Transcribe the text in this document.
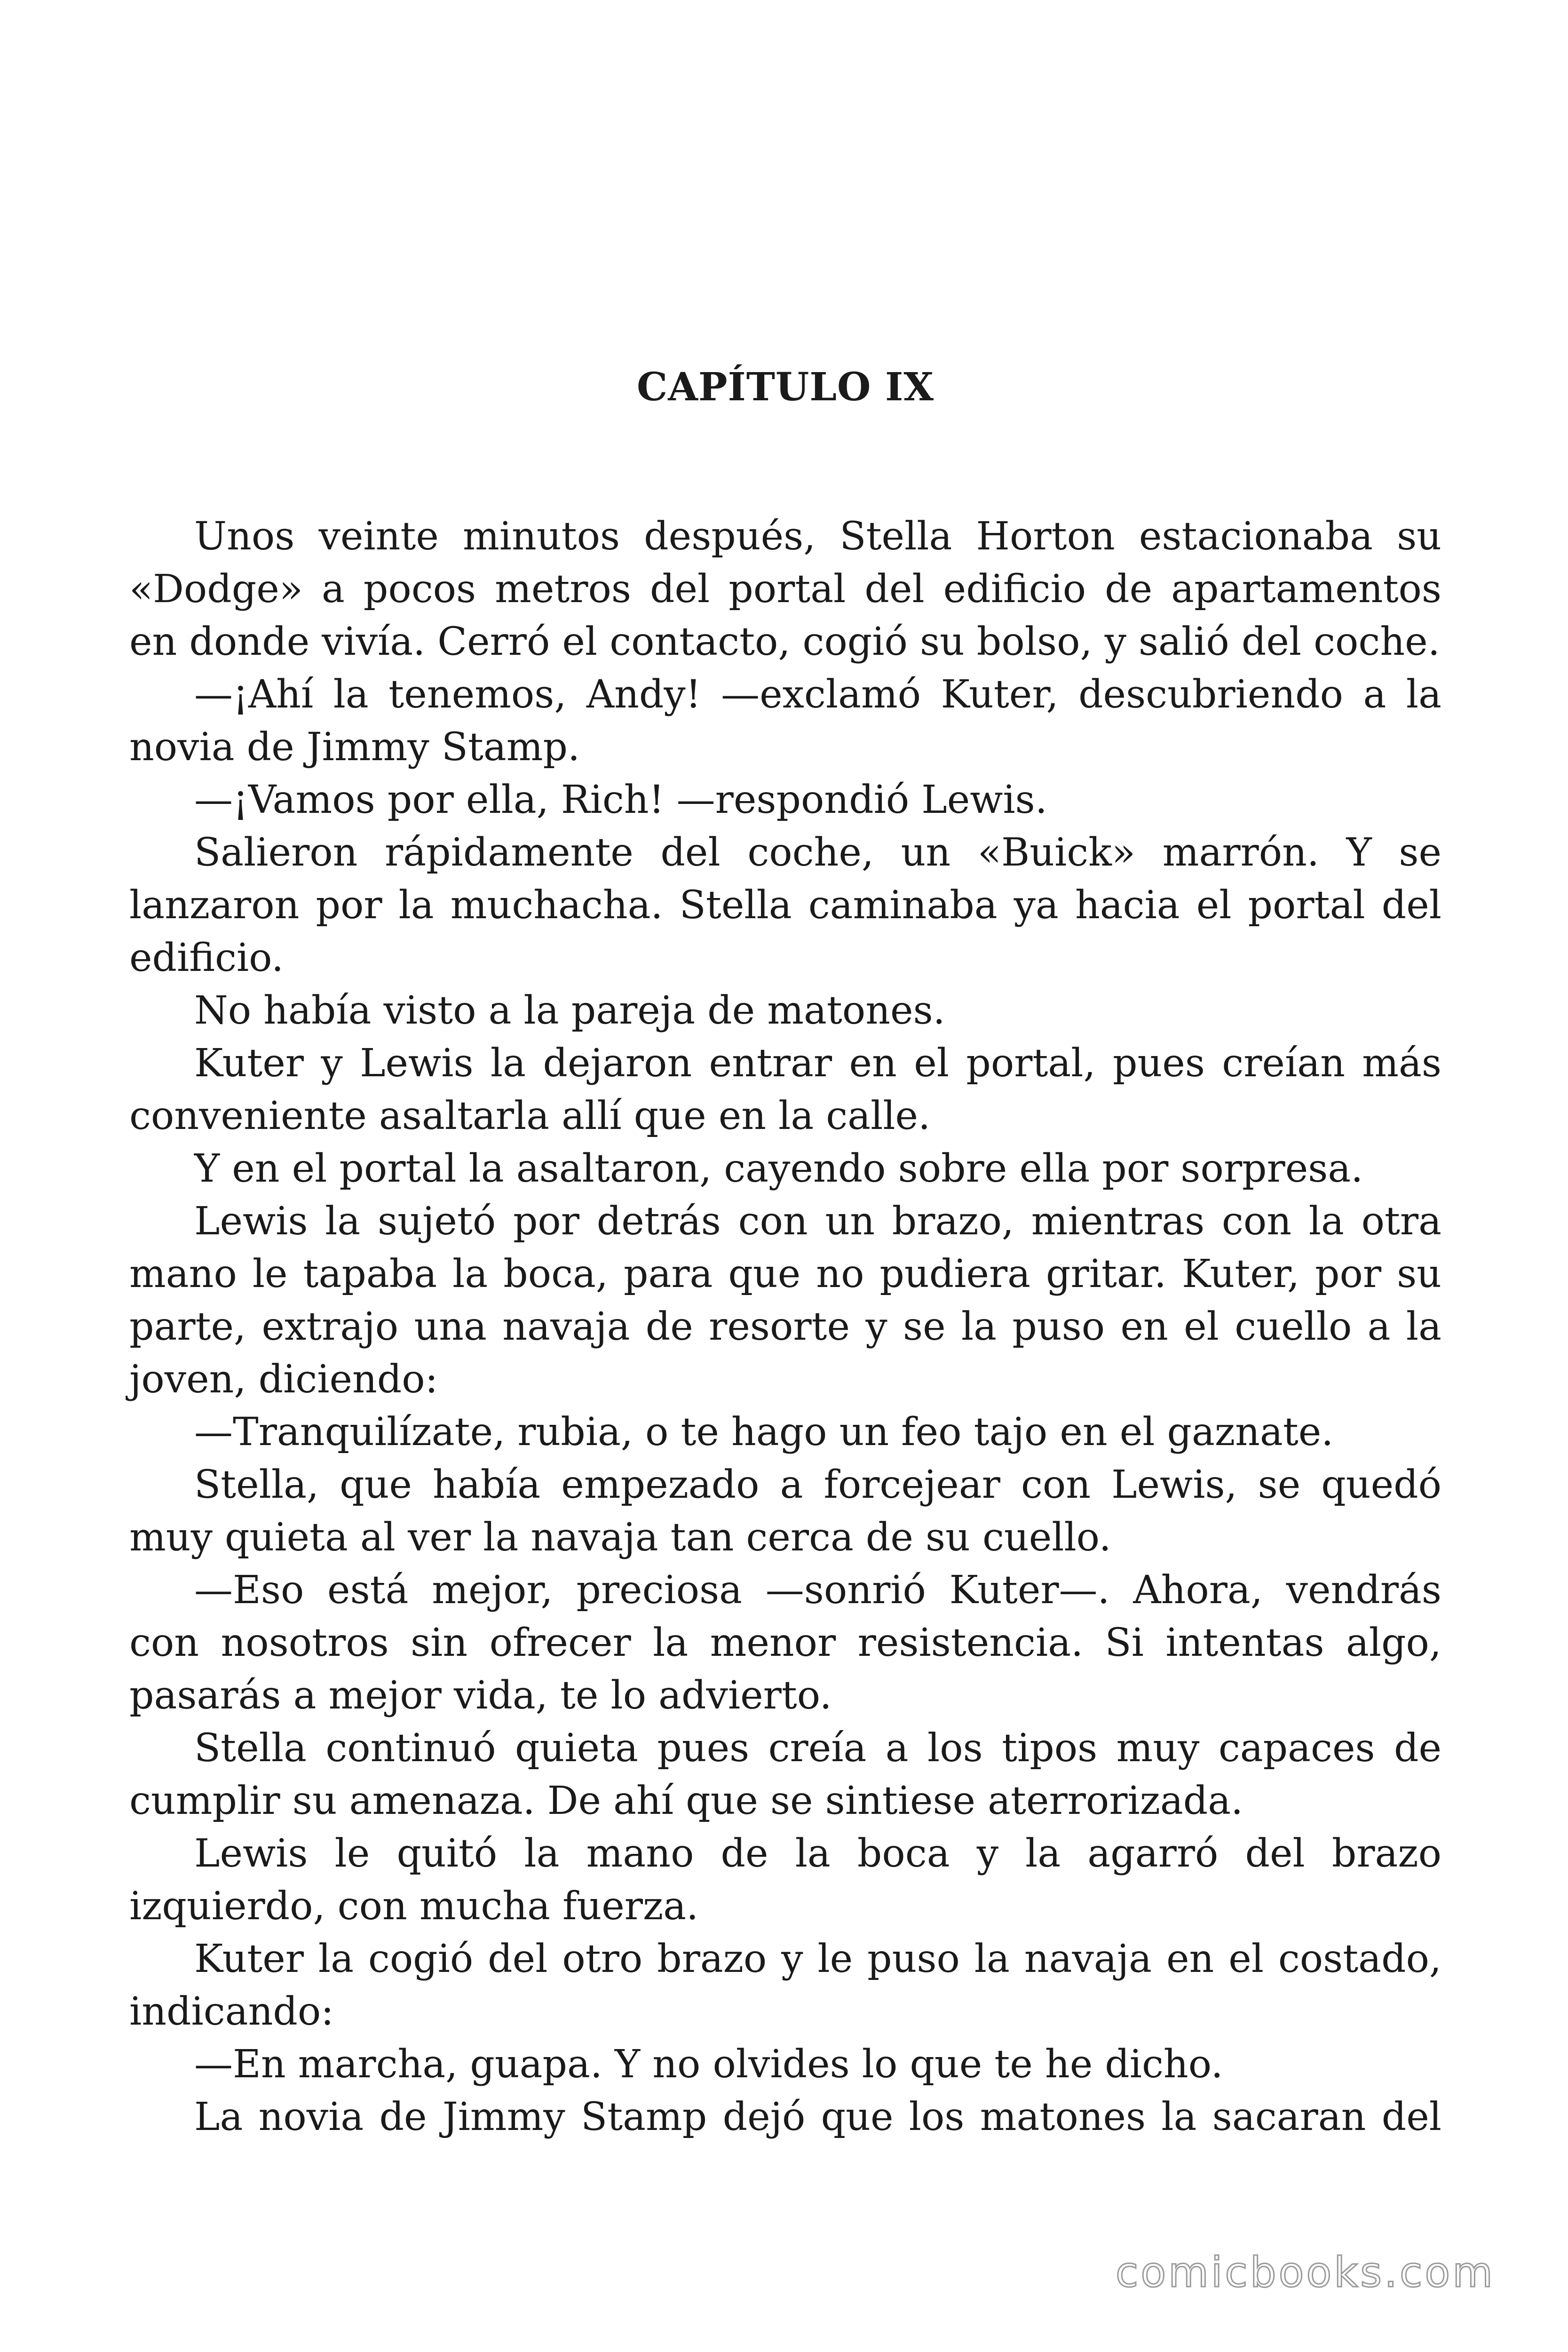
CAPÍTULO IX

Unos veinte minutos después, Stella Horton estacionaba su «Dodge» a pocos metros del portal del edificio de apartamentos en donde vivía. Cerró el contacto, cogió su bolso, y salió del coche.

—¡Ahí la tenemos, Andy! —exclamó Kuter, descubriendo a la novia de Jimmy Stamp.

—¡Vamos por ella, Rich! —respondió Lewis.

Salieron rápidamente del coche, un «Buick» marrón. Y se lanzaron por la muchacha. Stella caminaba ya hacia el portal del edificio.

No había visto a la pareja de matones.

Kuter y Lewis la dejaron entrar en el portal, pues creían más conveniente asaltarla allí que en la calle.

Y en el portal la asaltaron, cayendo sobre ella por sorpresa.

Lewis la sujetó por detrás con un brazo, mientras con la otra mano le tapaba la boca, para que no pudiera gritar. Kuter, por su parte, extrajo una navaja de resorte y se la puso en el cuello a la joven, diciendo:

—Tranquilízate, rubia, o te hago un feo tajo en el gaznate.

Stella, que había empezado a forcejear con Lewis, se quedó muy quieta al ver la navaja tan cerca de su cuello.

—Eso está mejor, preciosa —sonrió Kuter—. Ahora, vendrás con nosotros sin ofrecer la menor resistencia. Si intentas algo, pasarás a mejor vida, te lo advierto.

Stella continuó quieta pues creía a los tipos muy capaces de cumplir su amenaza. De ahí que se sintiese aterrorizada.

Lewis le quitó la mano de la boca y la agarró del brazo izquierdo, con mucha fuerza.

Kuter la cogió del otro brazo y le puso la navaja en el costado, indicando:

—En marcha, guapa. Y no olvides lo que te he dicho.

La novia de Jimmy Stamp dejó que los matones la sacaran del

comicbooks.com
